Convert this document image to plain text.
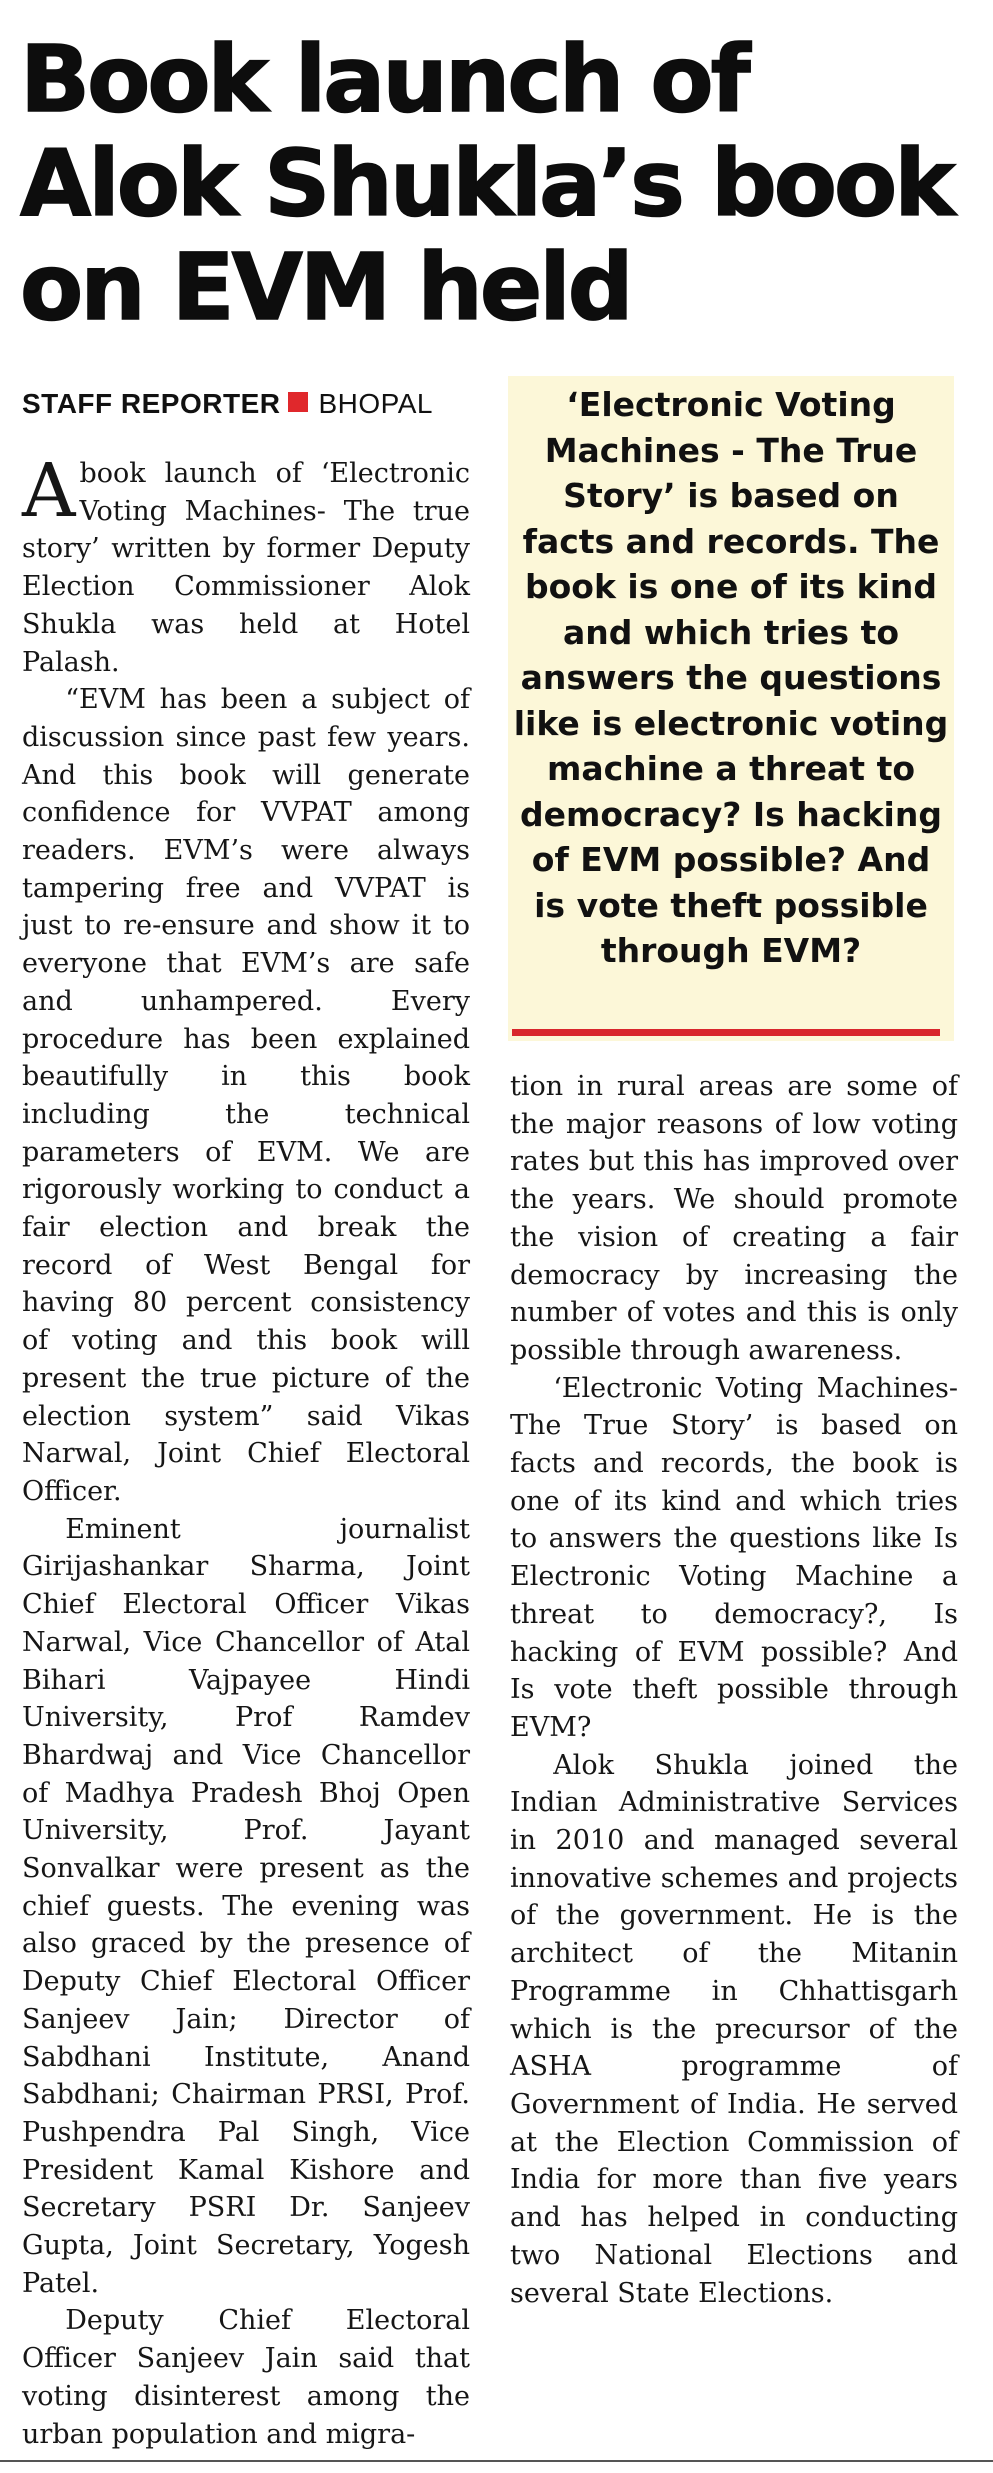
Book launch of Alok Shukla’s book on EVM held
STAFF REPORTER BHOPAL	‘Electronic Voting Machines - The True Story’ is based on facts and records. The book is one of its kind and which tries to answers the questions like is electronic voting machine a threat to democracy? Is hacking of EVM possible? And is vote theft possible through EVM?

Abook launch of ‘Electronic Voting Machines- The true story’ written by former Deputy Election Commissioner Alok Shukla was held at Hotel Palash.

“EVM has been a subject of discussion since past few years. And this book will generate confidence for VVPAT among readers. EVM’s were always tampering free and VVPAT is just to re-ensure and show it to everyone that EVM’s are safe and unhampered. Every procedure has been explained beautifully in this book including the technical parameters of EVM. We are rigorously working to conduct a fair election and break the record of West Bengal for having 80 percent consistency of voting and this book will present the true picture of the election system” said Vikas Narwal, Joint Chief Electoral Officer.

Eminent journalist Girijashankar Sharma, Joint Chief Electoral Officer Vikas Narwal, Vice Chancellor of Atal Bihari Vajpayee Hindi University, Prof Ramdev Bhardwaj and Vice Chancellor of Madhya Pradesh Bhoj Open University, Prof. Jayant Sonvalkar were present as the chief guests. The evening was also graced by the presence of Deputy Chief Electoral Officer Sanjeev Jain; Director of Sabdhani Institute, Anand Sabdhani; Chairman PRSI, Prof. Pushpendra Pal Singh, Vice President Kamal Kishore and Secretary PSRI Dr. Sanjeev Gupta, Joint Secretary, Yogesh Patel.

Deputy Chief Electoral Officer Sanjeev Jain said that voting disinterest among the urban population and migra-

tion in rural areas are some of the major reasons of low voting rates but this has improved over the years. We should promote the vision of creating a fair democracy by increasing the number of votes and this is only possible through awareness.

‘Electronic Voting Machines- The True Story’ is based on facts and records, the book is one of its kind and which tries to answers the questions like Is Electronic Voting Machine a threat to democracy?, Is hacking of EVM possible? And Is vote theft possible through EVM?

Alok Shukla joined the Indian Administrative Services in 2010 and managed several innovative schemes and projects of the government. He is the architect of the Mitanin Programme in Chhattisgarh which is the precursor of the ASHA programme of Government of India. He served at the Election Commission of India for more than five years and has helped in conducting two National Elections and several State Elections.
